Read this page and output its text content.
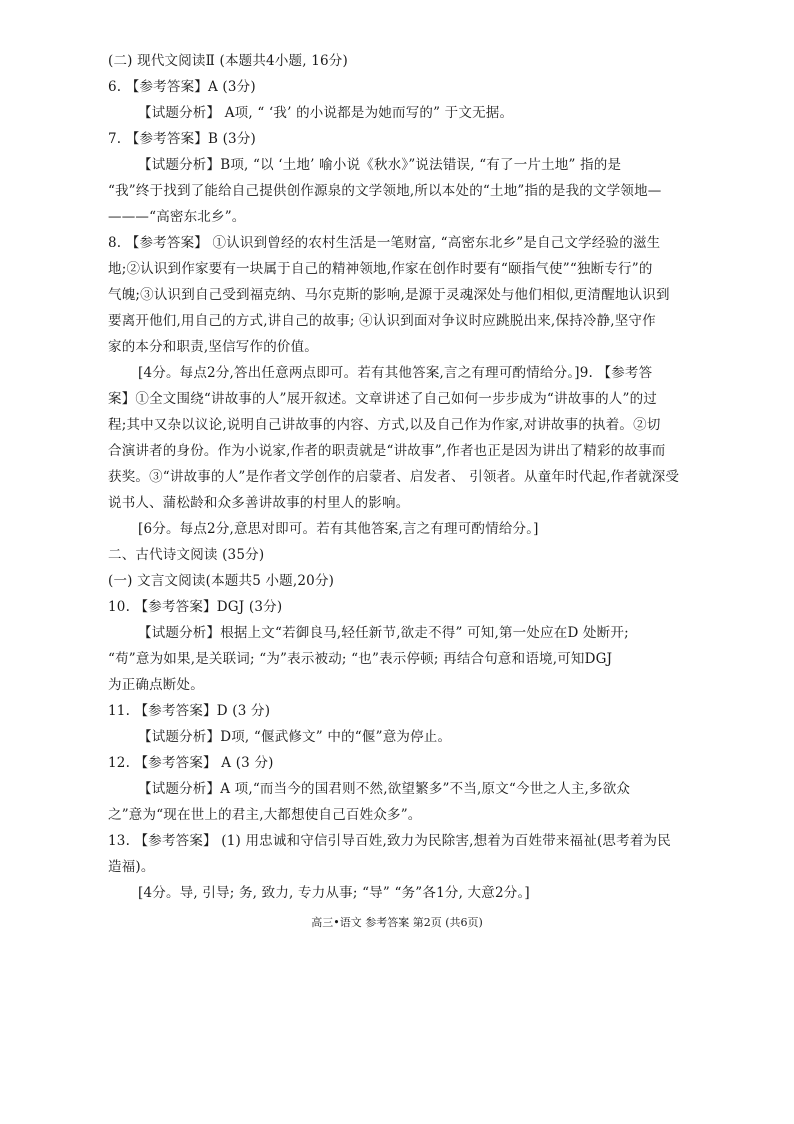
(二) 现代文阅读Ⅱ (本题共4小题, 16分)
6. 【参考答案】A (3分)
【试题分析】 A项, “ ‘我’ 的小说都是为她而写的” 于文无据。
7. 【参考答案】B (3分)
【试题分析】B项, “以 ‘土地’ 喻小说《秋水》”说法错误, “有了一片土地” 指的是
“我”终于找到了能给自己提供创作源泉的文学领地,所以本处的“土地”指的是我的文学领地—
———“高密东北乡”。
8. 【参考答案】 ①认识到曾经的农村生活是一笔财富, “高密东北乡”是自己文学经验的滋生
地;②认识到作家要有一块属于自己的精神领地,作家在创作时要有“颐指气使”“独断专行”的
气魄;③认识到自己受到福克纳、马尔克斯的影响,是源于灵魂深处与他们相似,更清醒地认识到
要离开他们,用自己的方式,讲自己的故事; ④认识到面对争议时应跳脱出来,保持冷静,坚守作
家的本分和职责,坚信写作的价值。
[4分。每点2分,答出任意两点即可。若有其他答案,言之有理可酌情给分。]9. 【参考答
案】①全文围绕“讲故事的人”展开叙述。文章讲述了自己如何一步步成为“讲故事的人”的过
程;其中又杂以议论,说明自己讲故事的内容、方式,以及自己作为作家,对讲故事的执着。②切
合演讲者的身份。作为小说家,作者的职责就是“讲故事”,作者也正是因为讲出了精彩的故事而
获奖。③“讲故事的人”是作者文学创作的启蒙者、启发者、 引领者。从童年时代起,作者就深受
说书人、蒲松龄和众多善讲故事的村里人的影响。
[6分。每点2分,意思对即可。若有其他答案,言之有理可酌情给分。]
二、古代诗文阅读 (35分)
(一) 文言文阅读(本题共5 小题,20分)
10. 【参考答案】DGJ (3分)
【试题分析】根据上文“若御良马,轻任新节,欲走不得” 可知,第一处应在D 处断开;
“苟”意为如果,是关联词; “为”表示被动; “也”表示停顿; 再结合句意和语境,可知DGJ
为正确点断处。
11. 【参考答案】D (3 分)
【试题分析】D项, “偃武修文” 中的“偃”意为停止。
12. 【参考答案】 A (3 分)
【试题分析】A 项,“而当今的国君则不然,欲望繁多”不当,原文“今世之人主,多欲众
之”意为“现在世上的君主,大都想使自己百姓众多”。
13. 【参考答案】 (1) 用忠诚和守信引导百姓,致力为民除害,想着为百姓带来福祉(思考着为民
造福)。
[4分。导, 引导; 务, 致力, 专力从事; “导” “务”各1分, 大意2分。]
高三•语文 参考答案 第2页 (共6页)
